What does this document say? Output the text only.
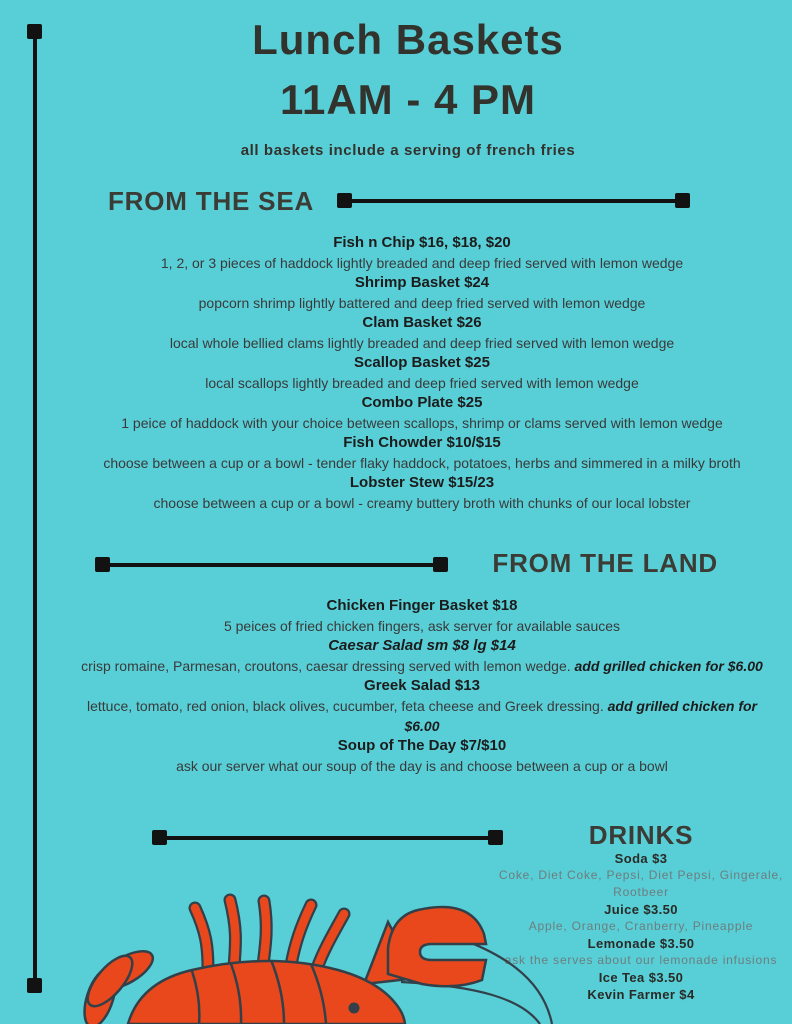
Lunch Baskets
11AM - 4 PM
all baskets include a serving of french fries
FROM THE SEA
Fish n Chip $16, $18, $20
1, 2, or 3 pieces of haddock lightly breaded and deep fried served with lemon wedge
Shrimp Basket $24
popcorn shrimp lightly battered and deep fried served with lemon wedge
Clam Basket $26
local whole bellied clams lightly breaded and deep fried served with lemon wedge
Scallop Basket $25
local scallops lightly breaded and deep fried served with lemon wedge
Combo Plate $25
1 peice of haddock with your choice between scallops, shrimp or clams served with lemon wedge
Fish Chowder $10/$15
choose between a cup or a bowl - tender flaky haddock, potatoes, herbs and simmered in a milky broth
Lobster Stew $15/23
choose between a cup or a bowl - creamy buttery broth with chunks of our local lobster
FROM THE LAND
Chicken Finger Basket $18
5 peices of fried chicken fingers, ask server for available sauces
Caesar Salad sm $8 lg $14
crisp romaine, Parmesan, croutons, caesar dressing served with lemon wedge. add grilled chicken for $6.00
Greek Salad $13
lettuce, tomato, red onion, black olives, cucumber, feta cheese and Greek dressing. add grilled chicken for $6.00
Soup of The Day $7/$10
ask our server what our soup of the day is and choose between a cup or a bowl
DRINKS
Soda $3
Coke, Diet Coke, Pepsi, Diet Pepsi, Gingerale, Rootbeer
Juice $3.50
Apple, Orange, Cranberry, Pineapple
Lemonade $3.50
ask the serves about our lemonade infusions
Ice Tea $3.50
Kevin Farmer $4
